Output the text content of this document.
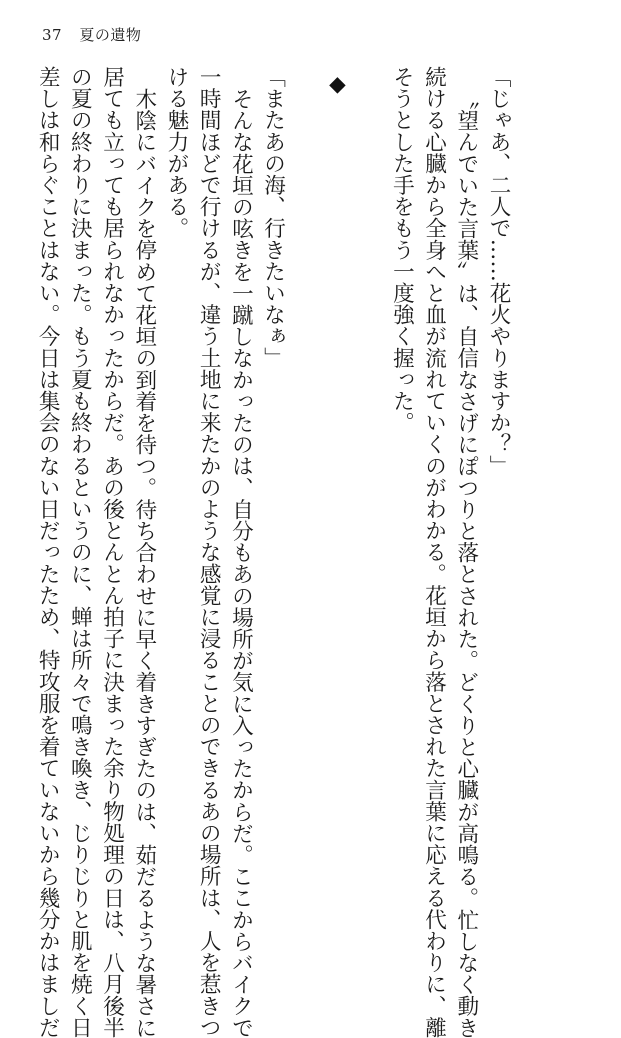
37 夏の遺物
「じゃあ、二人で……花火やりますか？」
〝望んでいた言葉〟は、自信なさげにぽつりと落とされた。どくりと心臓が高鳴る。忙しなく動き
続ける心臓から全身へと血が流れていくのがわかる。花垣から落とされた言葉に応える代わりに、離
そうとした手をもう一度強く握った。
◆
「またあの海、行きたいなぁ」
そんな花垣の呟きを一蹴しなかったのは、自分もあの場所が気に入ったからだ。ここからバイクで
一時間ほどで行けるが、違う土地に来たかのような感覚に浸ることのできるあの場所は、人を惹きつ
ける魅力がある。
木陰にバイクを停めて花垣の到着を待つ。待ち合わせに早く着きすぎたのは、茹だるような暑さに
居ても立っても居られなかったからだ。あの後とんとん拍子に決まった余り物処理の日は、八月後半
の夏の終わりに決まった。もう夏も終わるというのに、蝉は所々で鳴き喚き、じりじりと肌を焼く日
差しは和らぐことはない。今日は集会のない日だったため、特攻服を着ていないから幾分かはましだ
